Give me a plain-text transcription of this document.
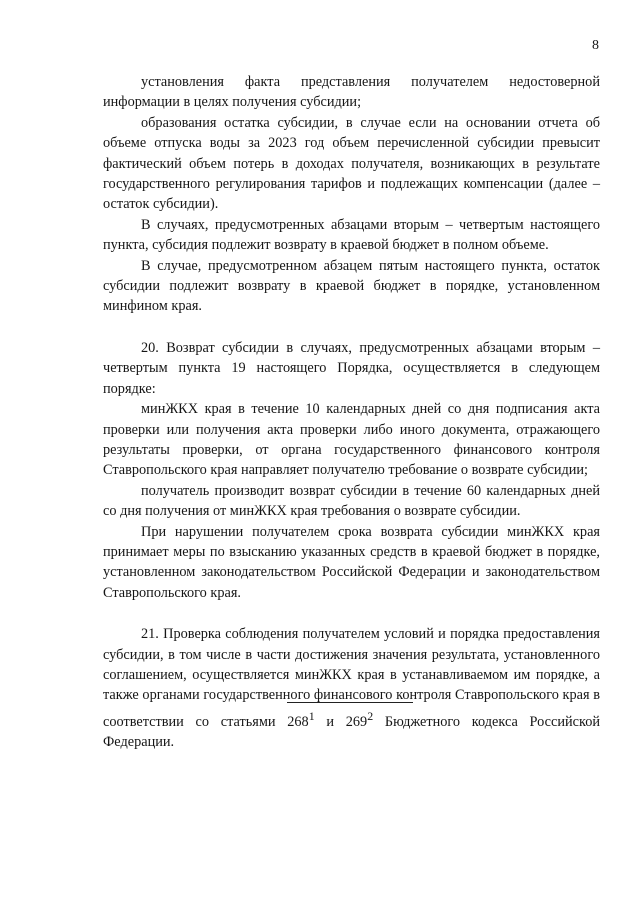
8

установления факта представления получателем недостоверной информации в целях получения субсидии;

образования остатка субсидии, в случае если на основании отчета об объеме отпуска воды за 2023 год объем перечисленной субсидии превысит фактический объем потерь в доходах получателя, возникающих в результате государственного регулирования тарифов и подлежащих компенсации (далее – остаток субсидии).

В случаях, предусмотренных абзацами вторым – четвертым настоящего пункта, субсидия подлежит возврату в краевой бюджет в полном объеме.

В случае, предусмотренном абзацем пятым настоящего пункта, остаток субсидии подлежит возврату в краевой бюджет в порядке, установленном минфином края.

20. Возврат субсидии в случаях, предусмотренных абзацами вторым – четвертым пункта 19 настоящего Порядка, осуществляется в следующем порядке:

минЖКХ края в течение 10 календарных дней со дня подписания акта проверки или получения акта проверки либо иного документа, отражающего результаты проверки, от органа государственного финансового контроля Ставропольского края направляет получателю требование о возврате субсидии;

получатель производит возврат субсидии в течение 60 календарных дней со дня получения от минЖКХ края требования о возврате субсидии.

При нарушении получателем срока возврата субсидии минЖКХ края принимает меры по взысканию указанных средств в краевой бюджет в порядке, установленном законодательством Российской Федерации и законодательством Ставропольского края.

21. Проверка соблюдения получателем условий и порядка предоставления субсидии, в том числе в части достижения значения результата, установленного соглашением, осуществляется минЖКХ края в устанавливаемом им порядке, а также органами государственного финансового контроля Ставропольского края в соответствии со статьями $268^1$ и $269^2$ Бюджетного кодекса Российской Федерации.
